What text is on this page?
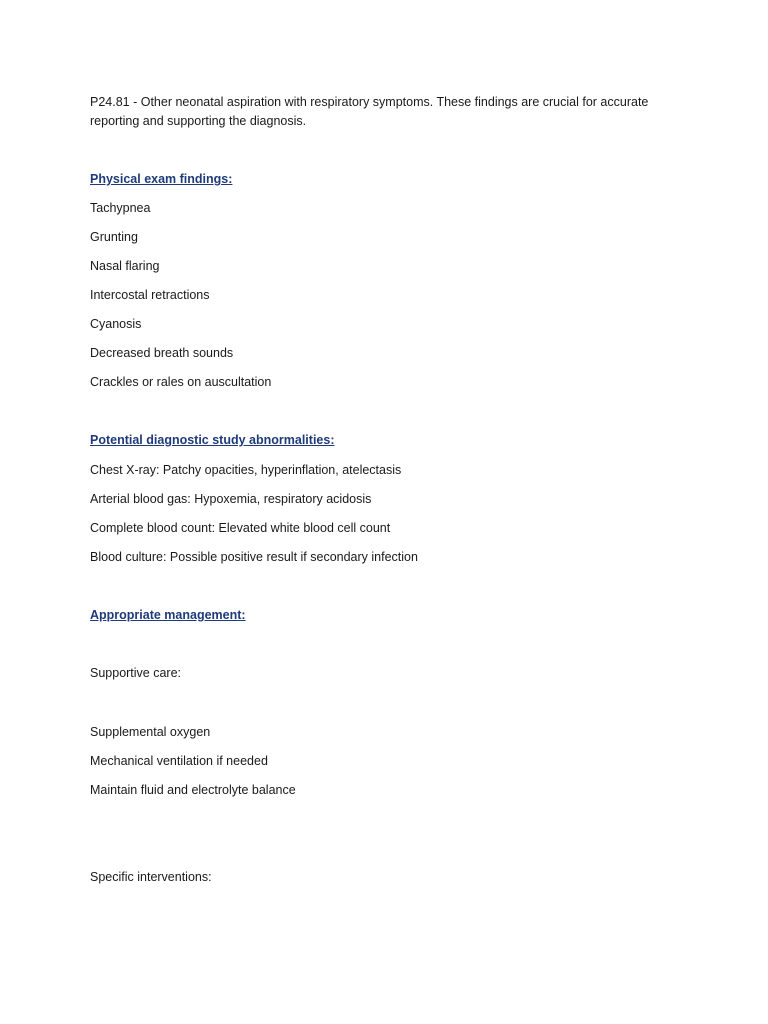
P24.81 - Other neonatal aspiration with respiratory symptoms. These findings are crucial for accurate reporting and supporting the diagnosis.
Physical exam findings:
Tachypnea
Grunting
Nasal flaring
Intercostal retractions
Cyanosis
Decreased breath sounds
Crackles or rales on auscultation
Potential diagnostic study abnormalities:
Chest X-ray: Patchy opacities, hyperinflation, atelectasis
Arterial blood gas: Hypoxemia, respiratory acidosis
Complete blood count: Elevated white blood cell count
Blood culture: Possible positive result if secondary infection
Appropriate management:
Supportive care:
Supplemental oxygen
Mechanical ventilation if needed
Maintain fluid and electrolyte balance
Specific interventions:
